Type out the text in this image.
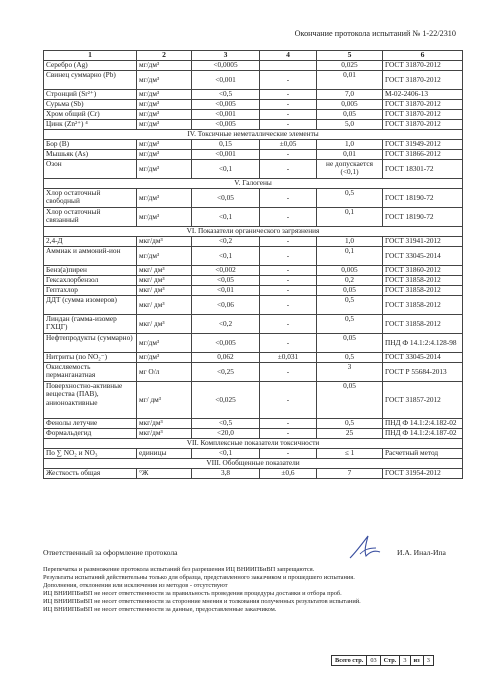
Окончание протокола испытаний № 1-22/2310
1	2	3	4	5	6
Серебро (Ag)	мг/дм³	<0,0005		0,025	ГОСТ 31870-2012
Свинец суммарно (Pb)	мг/дм³	<0,001	-	0,01	ГОСТ 31870-2012
Стронций (Sr²⁺)	мг/дм³	<0,5	-	7,0	М-02-2406-13
Сурьма (Sb)	мг/дм³	<0,005	-	0,005	ГОСТ 31870-2012
Хром общий (Cr)	мг/дм³	<0,001	-	0,05	ГОСТ 31870-2012
Цинк (Zn²⁺) ⁴	мг/дм³	<0,005	-	5,0	ГОСТ 31870-2012
IV. Токсичные неметаллические элементы					
Бор (В)	мг/дм³	0,15	±0,05	1,0	ГОСТ 31949-2012
Мышьяк (As)	мг/дм³	<0,001	-	0,01	ГОСТ 31866-2012
Озон	мг/дм³	<0,1	-	не допускается (<0,1)	ГОСТ 18301-72
V. Галогены					
Хлор остаточный свободный	мг/дм³	<0,05	-	0,5	ГОСТ 18190-72
Хлор остаточный связанный	мг/дм³	<0,1	-	0,1	ГОСТ 18190-72
VI. Показатели органического загрязнения					
2,4-Д	мкг/дм³	<0,2	-	1,0	ГОСТ 31941-2012
Аммиак и аммоний-ион	мг/дм³	<0,1	-	0,1	ГОСТ 33045-2014
Бенз(а)пирен	мкг/ дм³	<0,002	-	0,005	ГОСТ 31860-2012
Гексахлорбензол	мкг/ дм³	<0,05	-	0,2	ГОСТ 31858-2012
Гептахлор	мкг/ дм³	<0,01	-	0,05	ГОСТ 31858-2012
ДДТ (сумма изомеров)	мкг/ дм³	<0,06	-	0,5	ГОСТ 31858-2012
Линдан (гамма-изомер ГХЦГ)	мкг/ дм³	<0,2	-	0,5	ГОСТ 31858-2012
Нефтепродукты (суммарно)	мг/дм³	<0,005	-	0,05	ПНД Ф 14.1:2:4.128-98
Нитриты (по NO₂⁻)	мг/дм³	0,062	±0,031	0,5	ГОСТ 33045-2014
Окисляемость перманганатная	мг О/л	<0,25	-	3	ГОСТ Р 55684-2013
Поверхностно-активные вещества (ПАВ), анионоактивные	мг/ дм³	<0,025	-	0,05	ГОСТ 31857-2012
Фенолы летучие	мкг/дм³	<0,5	-	0,5	ПНД Ф 14.1:2:4.182-02
Формальдегид	мкг/дм³	<20,0	-	25	ПНД Ф 14.1:2:4.187-02
VII. Комплексные показатели токсичности					
По ∑ NO₂ и NO₃	единицы	<0,1	-	≤ 1	Расчетный метод
VIII. Обобщенные показатели					
Жесткость общая	°Ж	3,8	±0,6	7	ГОСТ 31954-2012
Ответственный за оформление протокола	И.А. Инал-Ипа
Перепечатка и размножение протокола испытаний без разрешения ИЦ ВНИИПБиВП запрещаются.
Результаты испытаний действительны только для образца, представленного заказчиком и прошедшего испытания.
Дополнения, отклонения или исключения из методов - отсутствуют
ИЦ ВНИИПБиВП не несет ответственности за правильность проведения процедуры доставки и отбора проб.
ИЦ ВНИИПБиВП не несет ответственности за сторонние мнения и толкования полученных результатов испытаний.
ИЦ ВНИИПБиВП не несет ответственности за данные, предоставленные заказчиком.
Всего стр.	03	Стр.	3	из	3
